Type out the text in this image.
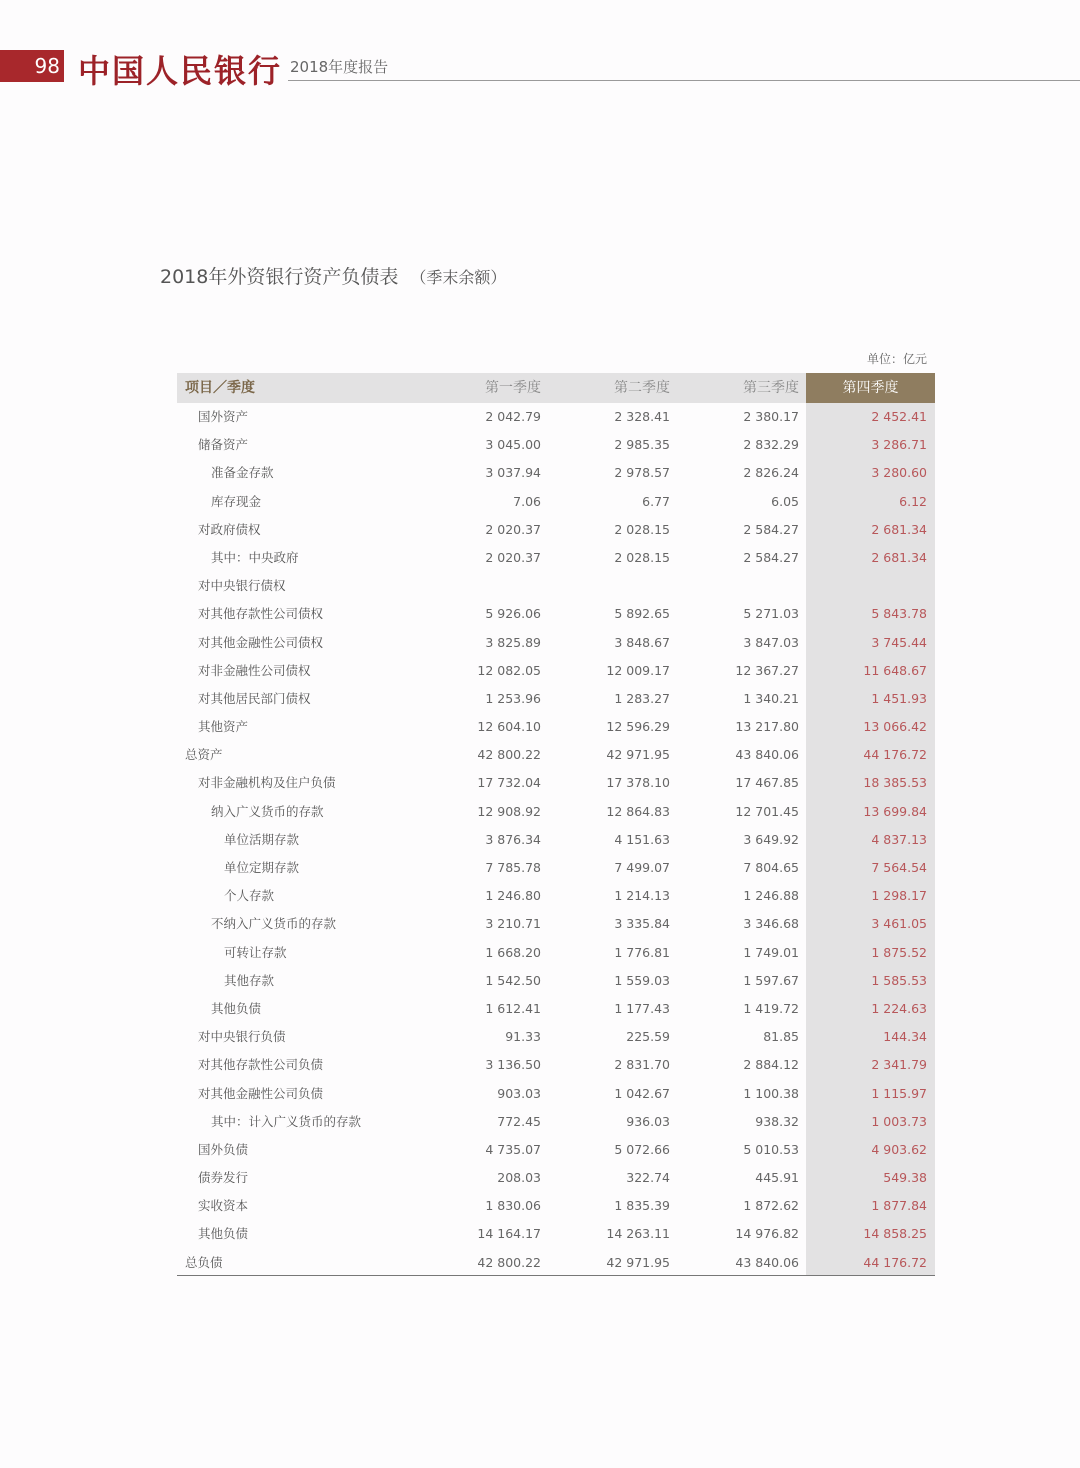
98 中国人民银行 2018年度报告
2018年外资银行资产负债表 （季末余额）
单位：亿元
项目／季度	第一季度	第二季度	第三季度	第四季度
国外资产	2 042.79	2 328.41	2 380.17	2 452.41
储备资产	3 045.00	2 985.35	2 832.29	3 286.71
准备金存款	3 037.94	2 978.57	2 826.24	3 280.60
库存现金	7.06	6.77	6.05	6.12
对政府债权	2 020.37	2 028.15	2 584.27	2 681.34
其中：中央政府	2 020.37	2 028.15	2 584.27	2 681.34
对中央银行债权
对其他存款性公司债权	5 926.06	5 892.65	5 271.03	5 843.78
对其他金融性公司债权	3 825.89	3 848.67	3 847.03	3 745.44
对非金融性公司债权	12 082.05	12 009.17	12 367.27	11 648.67
对其他居民部门债权	1 253.96	1 283.27	1 340.21	1 451.93
其他资产	12 604.10	12 596.29	13 217.80	13 066.42
总资产	42 800.22	42 971.95	43 840.06	44 176.72
对非金融机构及住户负债	17 732.04	17 378.10	17 467.85	18 385.53
纳入广义货币的存款	12 908.92	12 864.83	12 701.45	13 699.84
单位活期存款	3 876.34	4 151.63	3 649.92	4 837.13
单位定期存款	7 785.78	7 499.07	7 804.65	7 564.54
个人存款	1 246.80	1 214.13	1 246.88	1 298.17
不纳入广义货币的存款	3 210.71	3 335.84	3 346.68	3 461.05
可转让存款	1 668.20	1 776.81	1 749.01	1 875.52
其他存款	1 542.50	1 559.03	1 597.67	1 585.53
其他负债	1 612.41	1 177.43	1 419.72	1 224.63
对中央银行负债	91.33	225.59	81.85	144.34
对其他存款性公司负债	3 136.50	2 831.70	2 884.12	2 341.79
对其他金融性公司负债	903.03	1 042.67	1 100.38	1 115.97
其中：计入广义货币的存款	772.45	936.03	938.32	1 003.73
国外负债	4 735.07	5 072.66	5 010.53	4 903.62
债券发行	208.03	322.74	445.91	549.38
实收资本	1 830.06	1 835.39	1 872.62	1 877.84
其他负债	14 164.17	14 263.11	14 976.82	14 858.25
总负债	42 800.22	42 971.95	43 840.06	44 176.72
